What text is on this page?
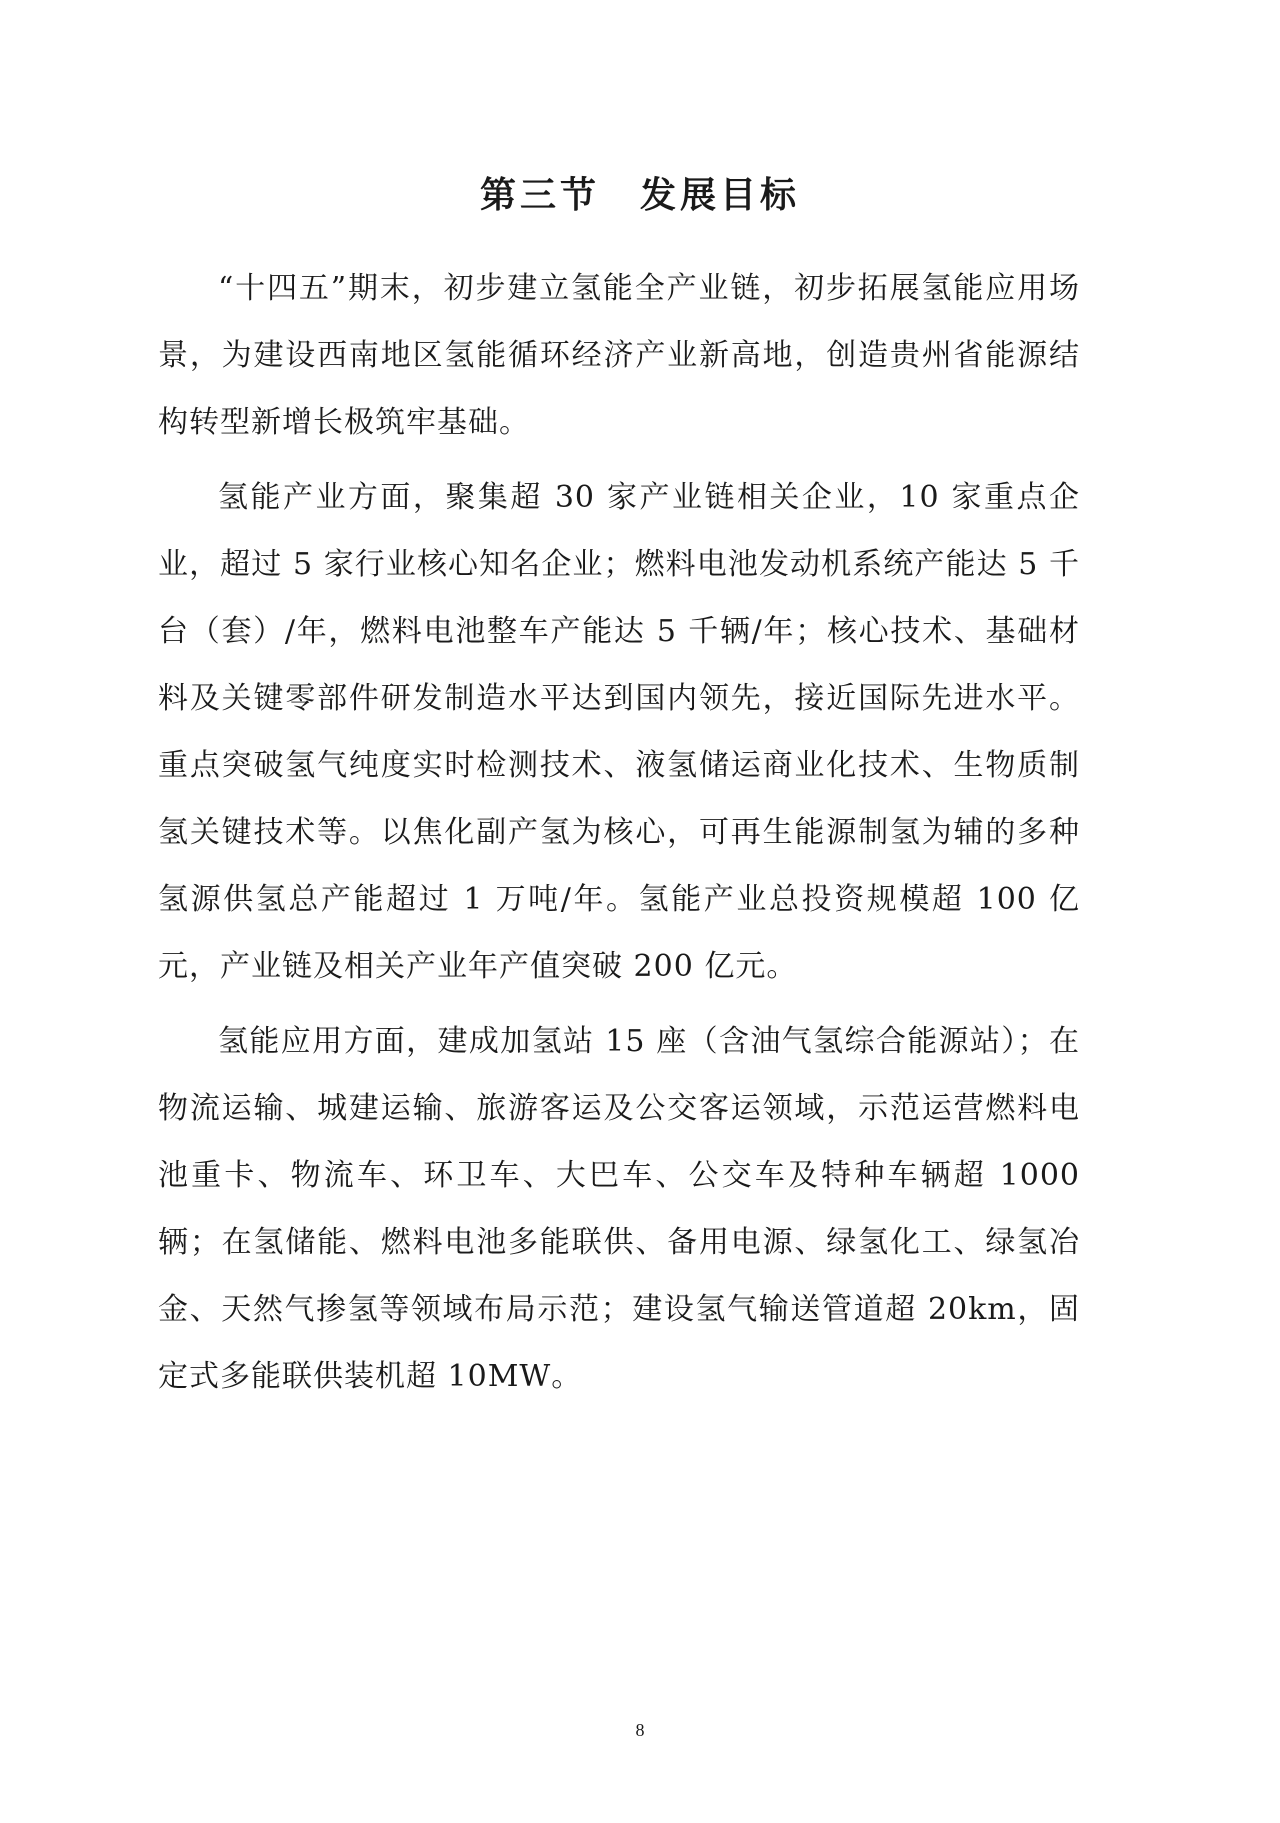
第三节 发展目标

“十四五”期末，初步建立氢能全产业链，初步拓展氢能应用场景，为建设西南地区氢能循环经济产业新高地，创造贵州省能源结构转型新增长极筑牢基础。

氢能产业方面，聚集超 30 家产业链相关企业，10 家重点企业，超过 5 家行业核心知名企业；燃料电池发动机系统产能达 5 千台（套）/年，燃料电池整车产能达 5 千辆/年；核心技术、基础材料及关键零部件研发制造水平达到国内领先，接近国际先进水平。重点突破氢气纯度实时检测技术、液氢储运商业化技术、生物质制氢关键技术等。以焦化副产氢为核心，可再生能源制氢为辅的多种氢源供氢总产能超过 1 万吨/年。氢能产业总投资规模超 100 亿元，产业链及相关产业年产值突破 200 亿元。

氢能应用方面，建成加氢站 15 座（含油气氢综合能源站）；在物流运输、城建运输、旅游客运及公交客运领域，示范运营燃料电池重卡、物流车、环卫车、大巴车、公交车及特种车辆超 1000 辆；在氢储能、燃料电池多能联供、备用电源、绿氢化工、绿氢冶金、天然气掺氢等领域布局示范；建设氢气输送管道超 20km，固定式多能联供装机超 10MW。

8
